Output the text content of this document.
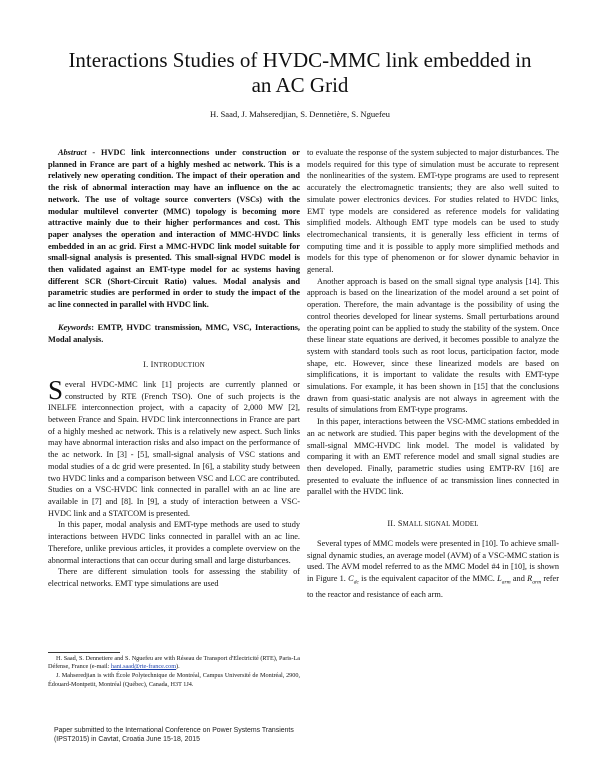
Interactions Studies of HVDC-MMC link embedded in an AC Grid
H. Saad, J. Mahseredjian, S. Dennetière, S. Nguefeu

Abstract - HVDC link interconnections under construction or planned in France are part of a highly meshed ac network. This is a relatively new operating condition. The impact of their operation and the risk of abnormal interaction may have an influence on the ac network. The use of voltage source converters (VSCs) with the modular multilevel converter (MMC) topology is becoming more attractive mainly due to their higher performances and cost. This paper analyses the operation and interaction of MMC-HVDC links embedded in an ac grid. First a MMC-HVDC link model suitable for small-signal analysis is presented. This small-signal HVDC model is then validated against an EMT-type model for ac systems having different SCR (Short-Circuit Ratio) values. Modal analysis and parametric studies are performed in order to study the impact of the ac line connected in parallel with HVDC link.

Keywords: EMTP, HVDC transmission, MMC, VSC, Interactions, Modal analysis.

I. INTRODUCTION

Several HVDC-MMC link [1] projects are currently planned or constructed by RTE (French TSO). One of such projects is the INELFE interconnection project, with a capacity of 2,000 MW [2], between France and Spain. HVDC link interconnections in France are part of a highly meshed ac network. This is a relatively new aspect. Such links may have abnormal interaction risks and also impact on the performance of the ac network. In [3] - [5], small-signal analysis of VSC stations and modal studies of a dc grid were presented. In [6], a stability study between two HVDC links and a comparison between VSC and LCC are contributed. Studies on a VSC-HVDC link connected in parallel with an ac line are available in [7] and [8]. In [9], a study of interaction between a VSC-HVDC link and a STATCOM is presented.

In this paper, modal analysis and EMT-type methods are used to study interactions between HVDC links connected in parallel with an ac line. Therefore, unlike previous articles, it provides a complete overview on the abnormal interactions that can occur during small and large disturbances.

There are different simulation tools for assessing the stability of electrical networks. EMT type simulations are used

H. Saad, S. Dennetiere and S. Nguefeu are with Réseau de Transport d'Electricité (RTE), Paris-La Défense, France (e-mail: hani.saad@rte-france.com).

J. Mahseredjian is with École Polytechnique de Montréal, Campus Université de Montréal, 2900, Édouard-Montpetit, Montréal (Québec), Canada, H3T 1J4.

Paper submitted to the International Conference on Power Systems Transients (IPST2015) in Cavtat, Croatia June 15-18, 2015

to evaluate the response of the system subjected to major disturbances. The models required for this type of simulation must be accurate to represent the nonlinearities of the system. EMT-type programs are used to represent accurately the electromagnetic transients; they are also well suited to simulate power electronics devices. For studies related to HVDC links, EMT type models are considered as reference models for validating simplified models. Although EMT type models can be used to study electromechanical transients, it is generally less efficient in terms of computing time and it is possible to apply more simplified methods and models for this type of phenomenon or for slower dynamic behavior in general.

Another approach is based on the small signal type analysis [14]. This approach is based on the linearization of the model around a set point of operation. Therefore, the main advantage is the possibility of using the control theories developed for linear systems. Small perturbations around the operating point can be applied to study the stability of the system. Once these linear state equations are derived, it becomes possible to analyze the system with standard tools such as root locus, participation factor, mode shape, etc. However, since these linearized models are based on simplifications, it is important to validate the results with EMT-type simulations. For example, it has been shown in [15] that the conclusions drawn from quasi-static analysis are not always in agreement with the results of simulations from EMT-type programs.

In this paper, interactions between the VSC-MMC stations embedded in an ac network are studied. This paper begins with the development of the small-signal MMC-HVDC link model. The model is validated by comparing it with an EMT reference model and small signal studies are then developed. Finally, parametric studies using EMTP-RV [16] are presented to evaluate the influence of ac transmission lines connected in parallel with the HVDC link.

II. SMALL SIGNAL MODEL

Several types of MMC models were presented in [10]. To achieve small-signal dynamic studies, an average model (AVM) of a VSC-MMC station is used. The AVM model referred to as the MMC Model #4 in [10], is shown in Figure 1. $C_{dc}$ is the equivalent capacitor of the MMC. $L_{arm}$ and $R_{arm}$ refer to the reactor and resistance of each arm.
